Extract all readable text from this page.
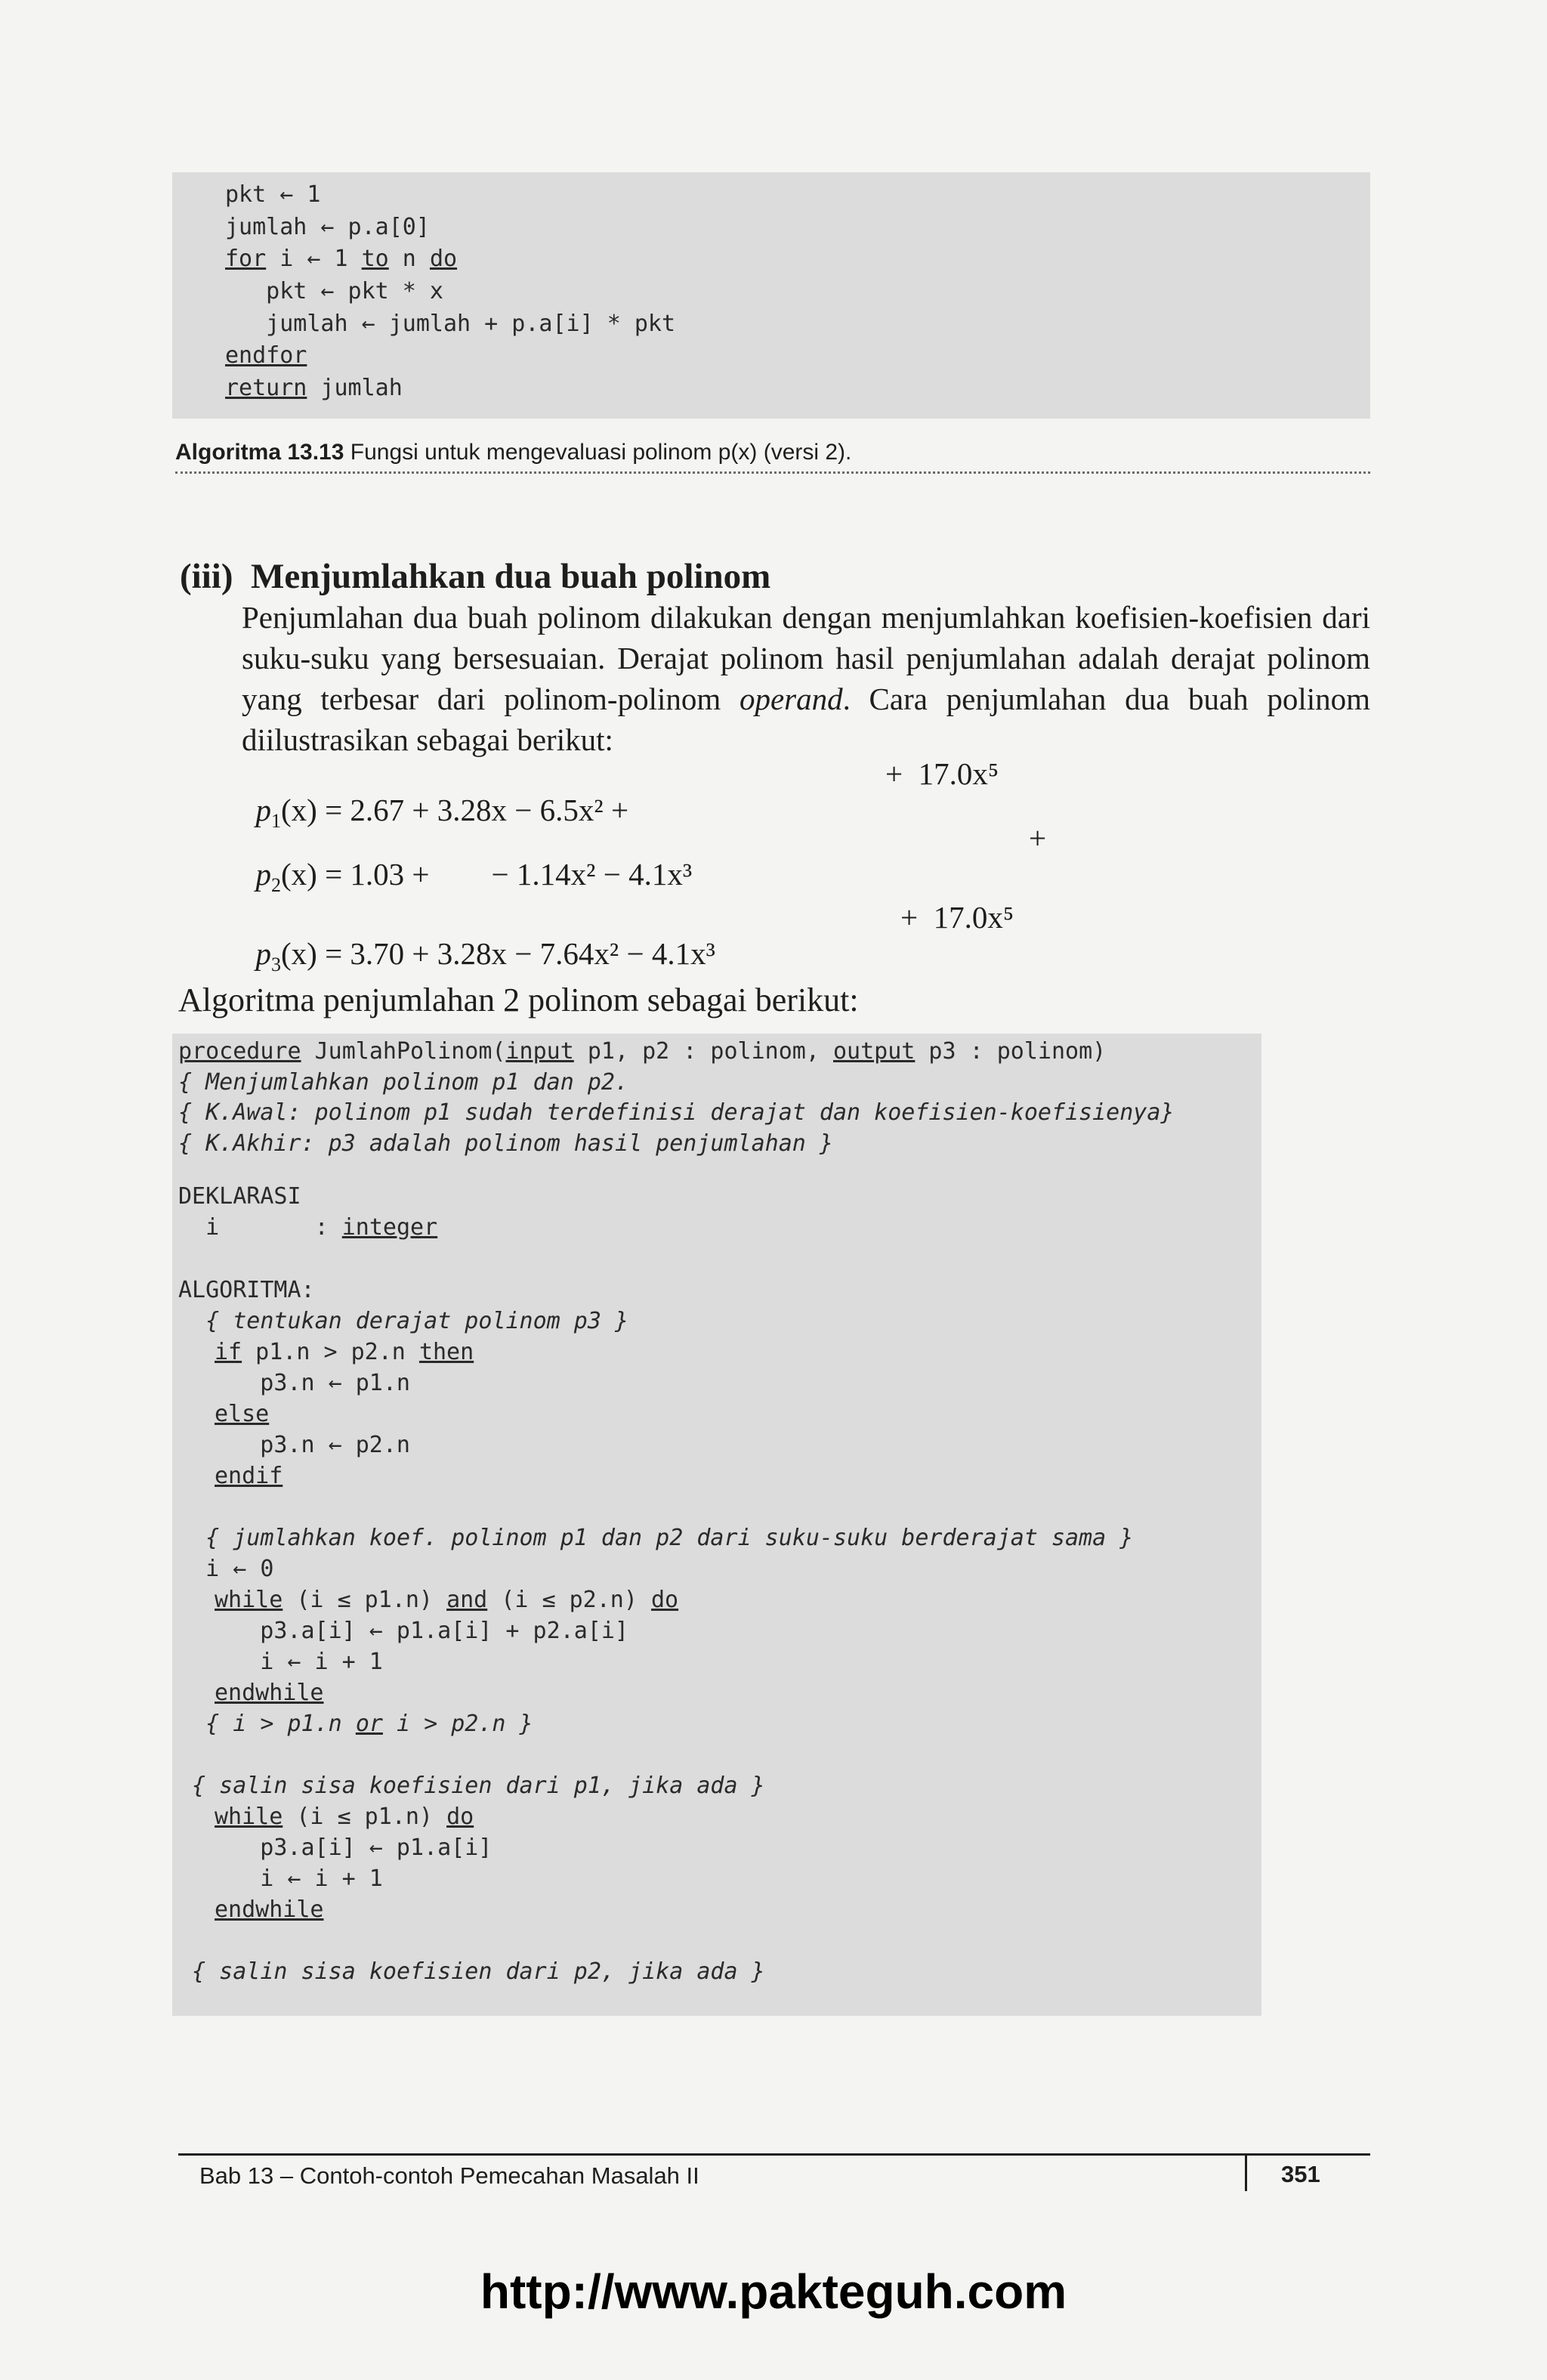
pkt ← 1

jumlah ← p.a[0]

for i ← 1 to n do

pkt ← pkt * x

jumlah ← jumlah + p.a[i] * pkt

endfor

return jumlah

Algoritma 13.13 Fungsi untuk mengevaluasi polinom p(x) (versi 2).
(iii)  Menjumlahkan dua buah polinom
Penjumlahan dua buah polinom dilakukan dengan menjumlahkan koefisien-koefisien dari suku-suku yang bersesuaian. Derajat polinom hasil penjumlahan adalah derajat polinom yang terbesar dari polinom-polinom operand. Cara penjumlahan dua buah polinom diilustrasikan sebagai berikut:

$p_1(x) = 2.67 + 3.28x - 6.5x^2$ +

+  17.0x⁵

$p_2(x) = 1.03$ +        − 1.14x² − 4.1x³

+

$p_3(x) = 3.70 + 3.28x - 7.64x^2 - 4.1x^3$

+  17.0x⁵
Algoritma penjumlahan 2 polinom sebagai berikut:

procedure JumlahPolinom(input p1, p2 : polinom, output p3 : polinom)

{ Menjumlahkan polinom p1 dan p2.

{ K.Awal: polinom p1 sudah terdefinisi derajat dan koefisien-koefisienya}

{ K.Akhir: p3 adalah polinom hasil penjumlahan }

DEKLARASI

i       : integer

ALGORITMA:

{ tentukan derajat polinom p3 }

if p1.n > p2.n then

p3.n ← p1.n

else

p3.n ← p2.n

endif

{ jumlahkan koef. polinom p1 dan p2 dari suku-suku berderajat sama }

i ← 0

while (i ≤ p1.n) and (i ≤ p2.n) do

p3.a[i] ← p1.a[i] + p2.a[i]

i ← i + 1

endwhile

{ i > p1.n or i > p2.n }

{ salin sisa koefisien dari p1, jika ada }

while (i ≤ p1.n) do

p3.a[i] ← p1.a[i]

i ← i + 1

endwhile

{ salin sisa koefisien dari p2, jika ada }

Bab 13 – Contoh-contoh Pemecahan Masalah II	351
http://www.pakteguh.com
